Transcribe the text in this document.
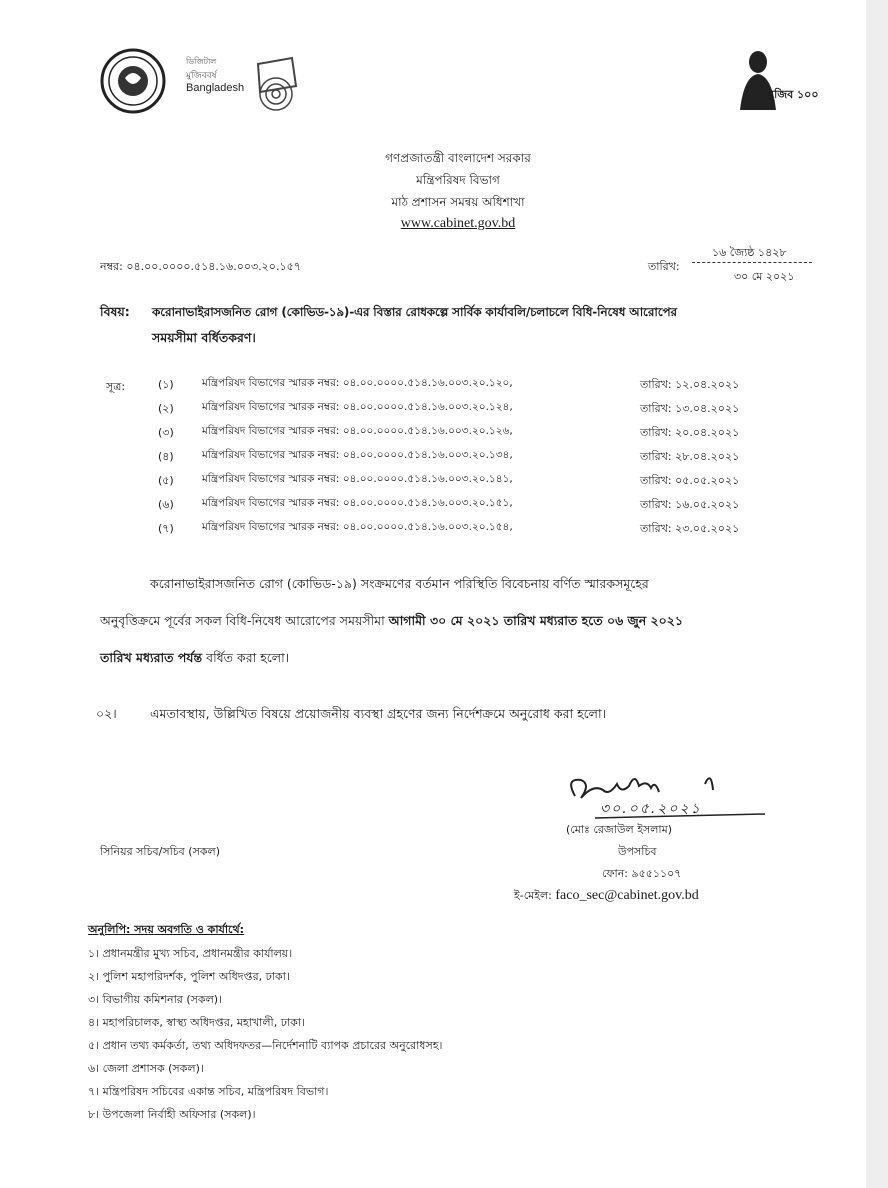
ডিজিটাল
মুজিববর্ষ
Bangladesh	মুজিব ১০০
গণপ্রজাতন্ত্রী বাংলাদেশ সরকার
মন্ত্রিপরিষদ বিভাগ
মাঠ প্রশাসন সমন্বয় অধিশাখা
www.cabinet.gov.bd
নম্বর: ০৪.০০.০০০০.৫১৪.১৬.০০৩.২০.১৫৭	তারিখ:
১৬ জ্যৈষ্ঠ ১৪২৮
৩০ মে ২০২১
বিষয়: করোনাভাইরাসজনিত রোগ (কোভিড-১৯)-এর বিস্তার রোধকল্পে সার্বিক কার্যাবলি/চলাচলে বিধি-নিষেধ আরোপের
সময়সীমা বর্ধিতকরণ।
সূত্র:	(১)	মন্ত্রিপরিষদ বিভাগের স্মারক নম্বর: ০৪.০০.০০০০.৫১৪.১৬.০০৩.২০.১২০,	তারিখ: ১২.০৪.২০২১
(২)	মন্ত্রিপরিষদ বিভাগের স্মারক নম্বর: ০৪.০০.০০০০.৫১৪.১৬.০০৩.২০.১২৪,	তারিখ: ১৩.০৪.২০২১
(৩)	মন্ত্রিপরিষদ বিভাগের স্মারক নম্বর: ০৪.০০.০০০০.৫১৪.১৬.০০৩.২০.১২৬,	তারিখ: ২০.০৪.২০২১
(৪)	মন্ত্রিপরিষদ বিভাগের স্মারক নম্বর: ০৪.০০.০০০০.৫১৪.১৬.০০৩.২০.১৩৪,	তারিখ: ২৮.০৪.২০২১
(৫)	মন্ত্রিপরিষদ বিভাগের স্মারক নম্বর: ০৪.০০.০০০০.৫১৪.১৬.০০৩.২০.১৪১,	তারিখ: ০৫.০৫.২০২১
(৬)	মন্ত্রিপরিষদ বিভাগের স্মারক নম্বর: ০৪.০০.০০০০.৫১৪.১৬.০০৩.২০.১৫১,	তারিখ: ১৬.০৫.২০২১
(৭)	মন্ত্রিপরিষদ বিভাগের স্মারক নম্বর: ০৪.০০.০০০০.৫১৪.১৬.০০৩.২০.১৫৪,	তারিখ: ২৩.০৫.২০২১
করোনাভাইরাসজনিত রোগ (কোভিড-১৯) সংক্রমণের বর্তমান পরিস্থিতি বিবেচনায় বর্ণিত স্মারকসমূহের
অনুবৃত্তিক্রমে পূর্বের সকল বিধি-নিষেধ আরোপের সময়সীমা আগামী ৩০ মে ২০২১ তারিখ মধ্যরাত হতে ০৬ জুন ২০২১
তারিখ মধ্যরাত পর্যন্ত বর্ধিত করা হলো।
০২।	এমতাবস্থায়, উল্লিখিত বিষয়ে প্রয়োজনীয় ব্যবস্থা গ্রহণের জন্য নির্দেশক্রমে অনুরোধ করা হলো।
৩০.০৫.২০২১
(মোঃ রেজাউল ইসলাম)
উপসচিব
ফোন: ৯৫৫১১০৭
ই-মেইল: faco_sec@cabinet.gov.bd
সিনিয়র সচিব/সচিব (সকল)
অনুলিপি: সদয় অবগতি ও কার্যার্থে:
১। প্রধানমন্ত্রীর মুখ্য সচিব, প্রধানমন্ত্রীর কার্যালয়।
২। পুলিশ মহাপরিদর্শক, পুলিশ অধিদপ্তর, ঢাকা।
৩। বিভাগীয় কমিশনার (সকল)।
৪। মহাপরিচালক, স্বাস্থ্য অধিদপ্তর, মহাখালী, ঢাকা।
৫। প্রধান তথ্য কর্মকর্তা, তথ্য অধিদফতর—নির্দেশনাটি ব্যাপক প্রচারের অনুরোধসহ।
৬। জেলা প্রশাসক (সকল)।
৭। মন্ত্রিপরিষদ সচিবের একান্ত সচিব, মন্ত্রিপরিষদ বিভাগ।
৮। উপজেলা নির্বাহী অফিসার (সকল)।
